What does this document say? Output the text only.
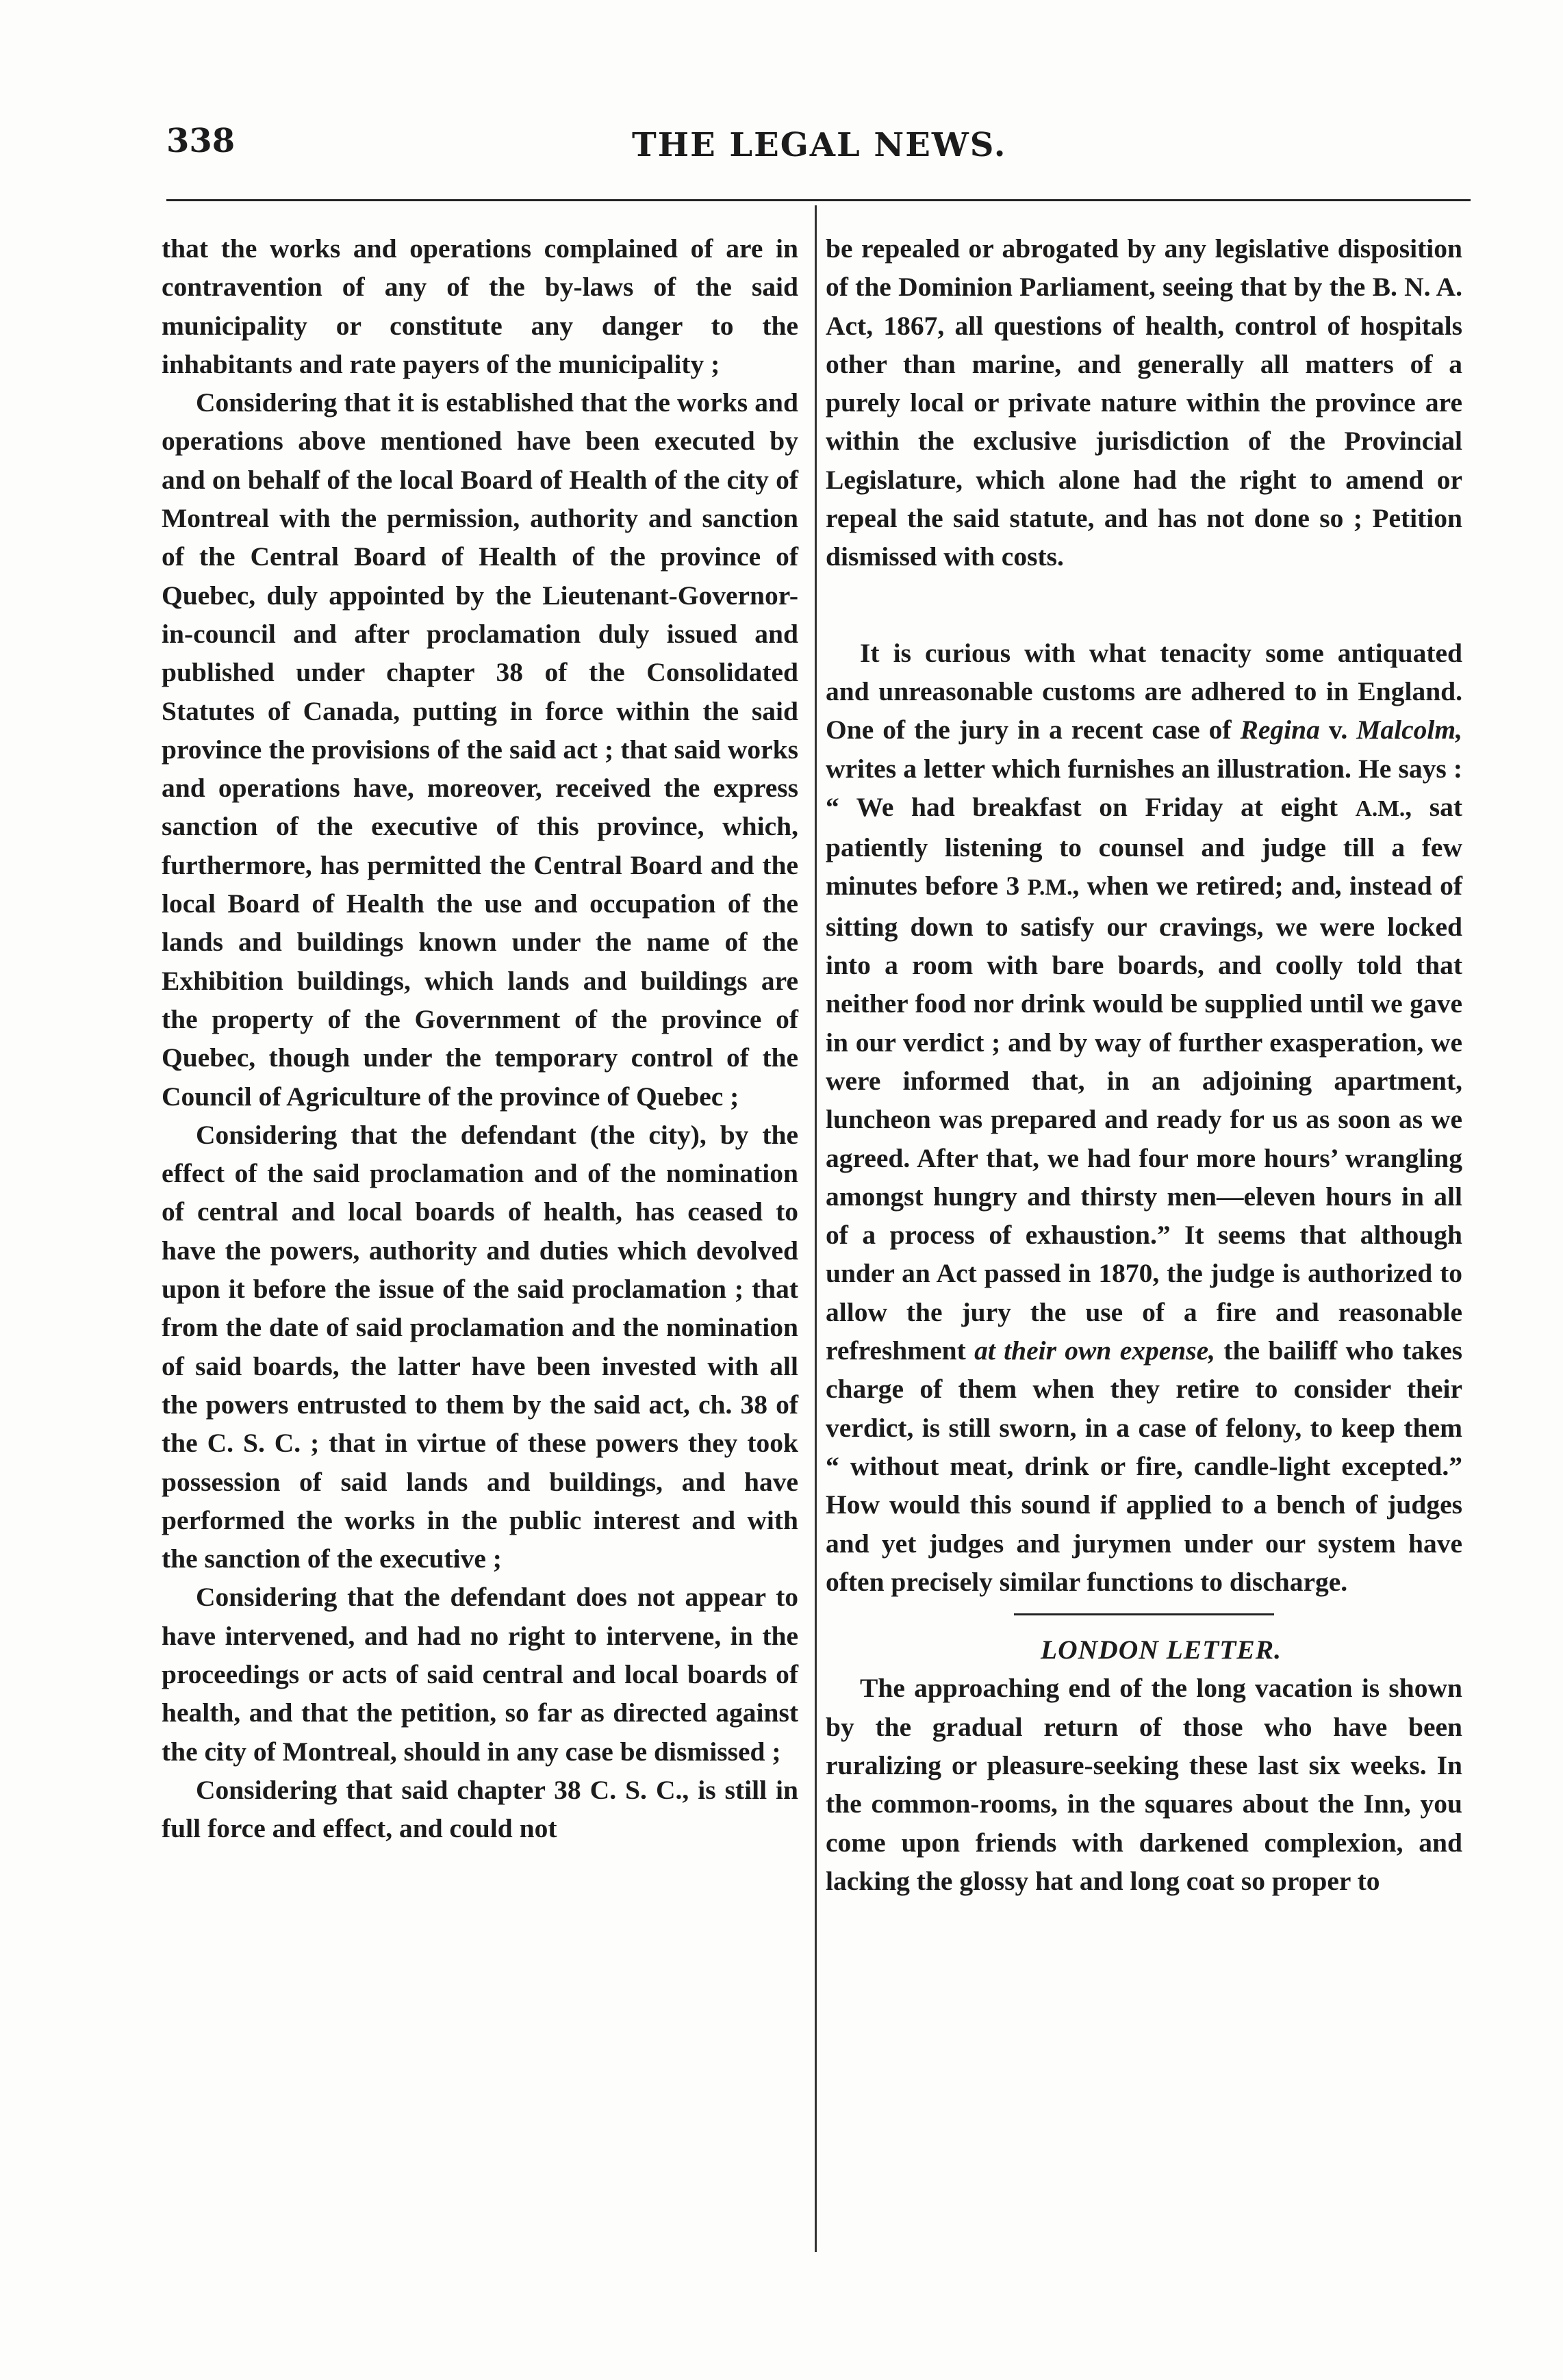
338	THE LEGAL NEWS.

that the works and operations complained of are in contravention of any of the by-laws of the said municipality or constitute any danger to the inhabitants and rate payers of the municipality ;

Considering that it is established that the works and operations above mentioned have been executed by and on behalf of the local Board of Health of the city of Montreal with the permission, authority and sanction of the Central Board of Health of the province of Quebec, duly appointed by the Lieutenant-Governor-in-council and after proclamation duly issued and published under chapter 38 of the Consolidated Statutes of Canada, putting in force within the said province the provisions of the said act ; that said works and operations have, moreover, received the express sanction of the executive of this province, which, furthermore, has permitted the Central Board and the local Board of Health the use and occupation of the lands and buildings known under the name of the Exhibition buildings, which lands and buildings are the property of the Government of the province of Quebec, though under the temporary control of the Council of Agriculture of the province of Quebec ;

Considering that the defendant (the city), by the effect of the said proclamation and of the nomination of central and local boards of health, has ceased to have the powers, authority and duties which devolved upon it before the issue of the said proclamation ; that from the date of said proclamation and the nomination of said boards, the latter have been invested with all the powers entrusted to them by the said act, ch. 38 of the C. S. C. ; that in virtue of these powers they took possession of said lands and buildings, and have performed the works in the public interest and with the sanction of the executive ;

Considering that the defendant does not appear to have intervened, and had no right to intervene, in the proceedings or acts of said central and local boards of health, and that the petition, so far as directed against the city of Montreal, should in any case be dismissed ;

Considering that said chapter 38 C. S. C., is still in full force and effect, and could not

be repealed or abrogated by any legislative disposition of the Dominion Parliament, seeing that by the B. N. A. Act, 1867, all questions of health, control of hospitals other than marine, and generally all matters of a purely local or private nature within the province are within the exclusive jurisdiction of the Provincial Legislature, which alone had the right to amend or repeal the said statute, and has not done so ; Petition dismissed with costs.

It is curious with what tenacity some antiquated and unreasonable customs are adhered to in England. One of the jury in a recent case of Regina v. Malcolm, writes a letter which furnishes an illustration. He says : “ We had breakfast on Friday at eight A.M., sat patiently listening to counsel and judge till a few minutes before 3 P.M., when we retired; and, instead of sitting down to satisfy our cravings, we were locked into a room with bare boards, and coolly told that neither food nor drink would be supplied until we gave in our verdict ; and by way of further exasperation, we were informed that, in an adjoining apartment, luncheon was prepared and ready for us as soon as we agreed. After that, we had four more hours’ wrangling amongst hungry and thirsty men—eleven hours in all of a process of exhaustion.” It seems that although under an Act passed in 1870, the judge is authorized to allow the jury the use of a fire and reasonable refreshment at their own expense, the bailiff who takes charge of them when they retire to consider their verdict, is still sworn, in a case of felony, to keep them “ without meat, drink or fire, candle-light excepted.” How would this sound if applied to a bench of judges and yet judges and jurymen under our system have often precisely similar functions to discharge.

LONDON LETTER.

The approaching end of the long vacation is shown by the gradual return of those who have been ruralizing or pleasure-seeking these last six weeks. In the common-rooms, in the squares about the Inn, you come upon friends with darkened complexion, and lacking the glossy hat and long coat so proper to
